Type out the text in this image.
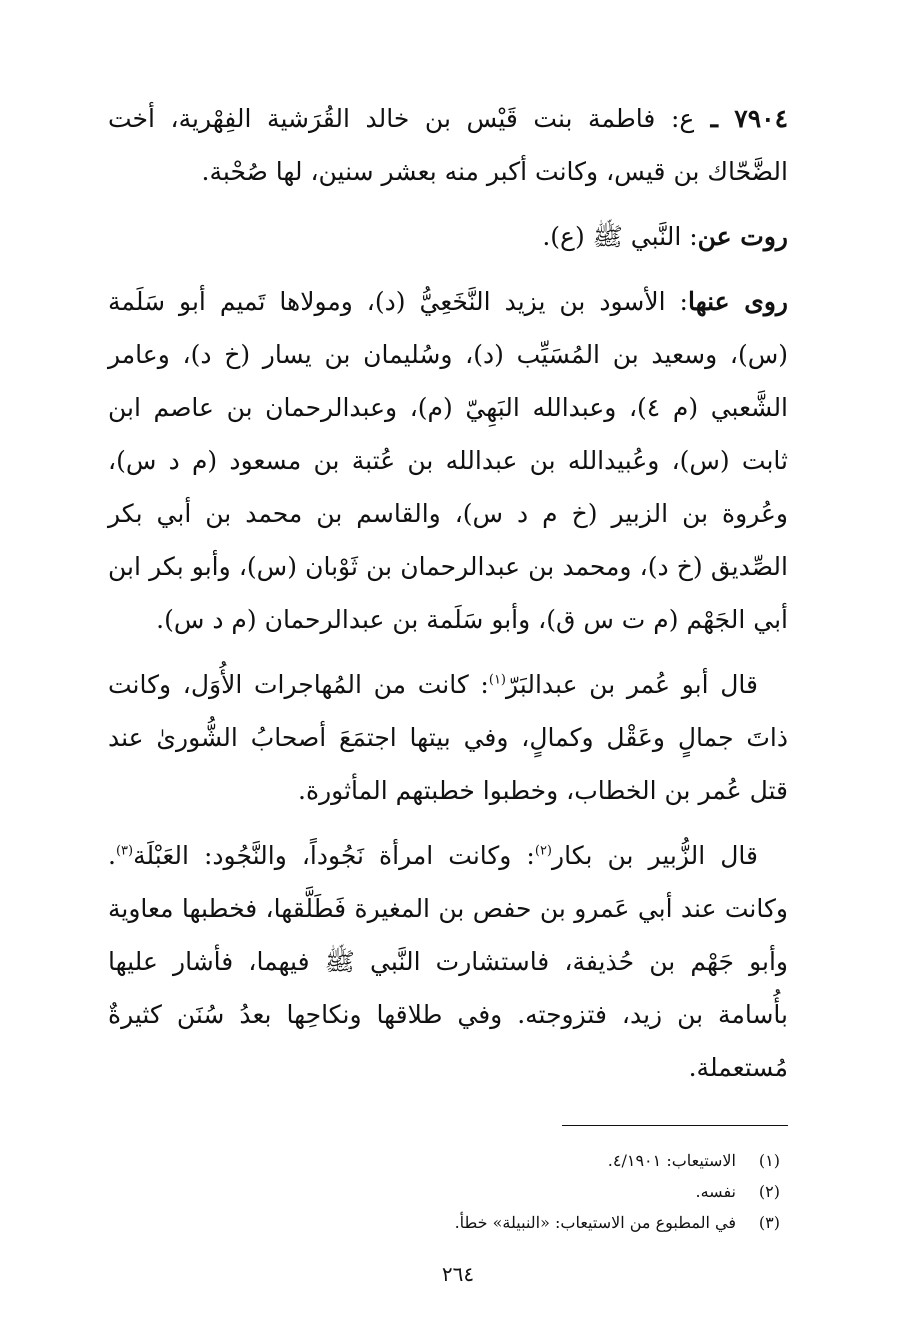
٧٩٠٤ ـ ع: فاطمة بنت قَيْس بن خالد القُرَشية الفِهْرية، أخت الضَّحّاك بن قيس، وكانت أكبر منه بعشر سنين، لها صُحْبة.

روت عن: النَّبي ﷺ (ع).

روى عنها: الأسود بن يزيد النَّخَعِيُّ (د)، ومولاها تَميم أبو سَلَمة (س)، وسعيد بن المُسَيِّب (د)، وسُليمان بن يسار (خ د)، وعامر الشَّعبي (م ٤)، وعبدالله البَهِيّ (م)، وعبدالرحمان بن عاصم ابن ثابت (س)، وعُبيدالله بن عبدالله بن عُتبة بن مسعود (م د س)، وعُروة بن الزبير (خ م د س)، والقاسم بن محمد بن أبي بكر الصِّديق (خ د)، ومحمد بن عبدالرحمان بن ثَوْبان (س)، وأبو بكر ابن أبي الجَهْم (م ت س ق)، وأبو سَلَمة بن عبدالرحمان (م د س).

قال أبو عُمر بن عبدالبَرّ$^{(١)}$: كانت من المُهاجرات الأُوَل، وكانت ذاتَ جمالٍ وعَقْل وكمالٍ، وفي بيتها اجتمَعَ أصحابُ الشُّورىٰ عند قتل عُمر بن الخطاب، وخطبوا خطبتهم المأثورة.

قال الزُّبير بن بكار$^{(٢)}$: وكانت امرأة نَجُوداً، والنَّجُود: العَبْلَة$^{(٣)}$. وكانت عند أبي عَمرو بن حفص بن المغيرة فَطَلَّقها، فخطبها معاوية وأبو جَهْم بن حُذيفة، فاستشارت النَّبي ﷺ فيهما، فأشار عليها بأُسامة بن زيد، فتزوجته. وفي طلاقها ونكاحِها بعدُ سُنَن كثيرةٌ مُستعملة.

(١)
الاستيعاب: ٤/١٩٠١.
(٢)
نفسه.
(٣)
في المطبوع من الاستيعاب: «النبيلة» خطأ.
٢٦٤
